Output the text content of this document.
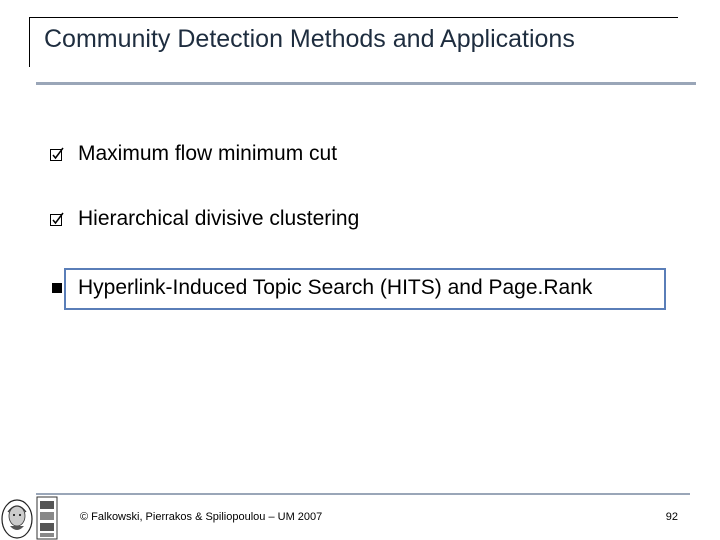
Community Detection Methods and Applications
Maximum flow minimum cut
Hierarchical divisive clustering
Hyperlink-Induced Topic Search (HITS) and Page.Rank
© Falkowski, Pierrakos & Spiliopoulou – UM 2007	92
